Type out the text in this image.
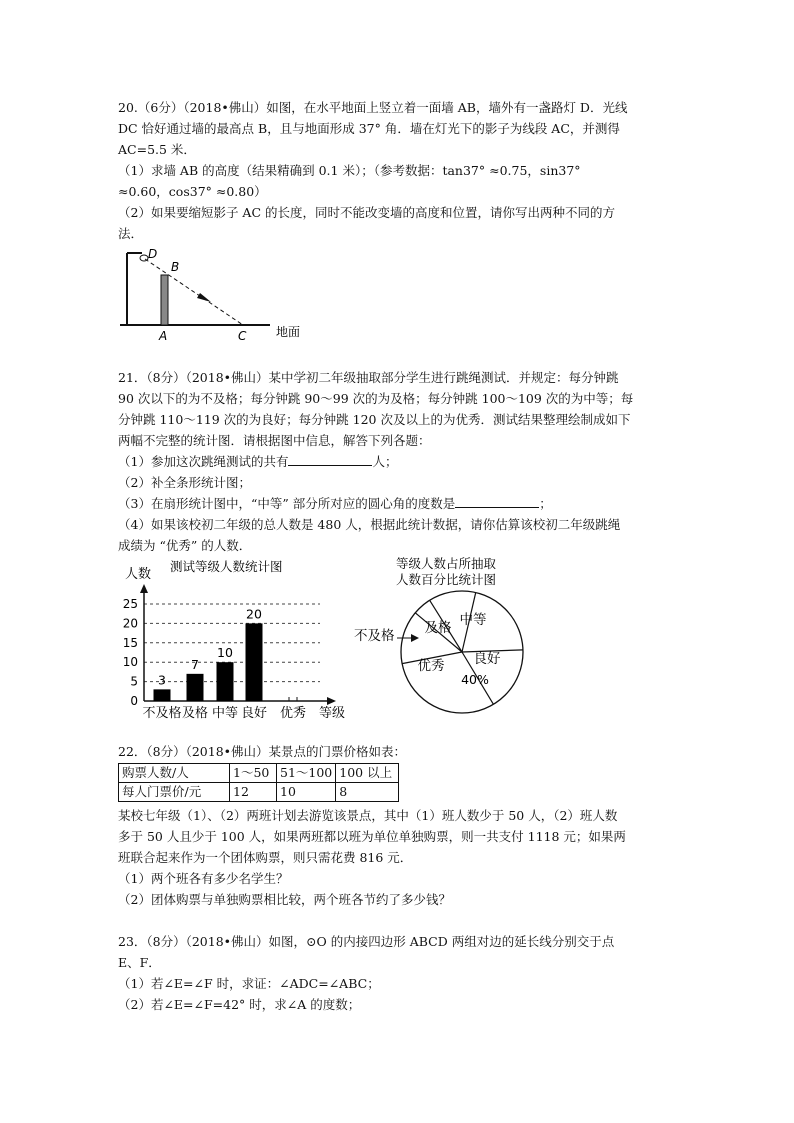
20.（6分）（2018•佛山）如图，在水平地面上竖立着一面墙 AB，墙外有一盏路灯 D．光线
DC 恰好通过墙的最高点 B，且与地面形成 37° 角．墙在灯光下的影子为线段 AC，并测得
AC=5.5 米．
（1）求墙 AB 的高度（结果精确到 0.1 米）；（参考数据：tan37° ≈0.75，sin37°
≈0.60，cos37° ≈0.80）
（2）如果要缩短影子 AC 的长度，同时不能改变墙的高度和位置，请你写出两种不同的方
法．
D
B
A	C 地面
21．（8分）（2018•佛山）某中学初二年级抽取部分学生进行跳绳测试．并规定：每分钟跳
90 次以下的为不及格；每分钟跳 90～99 次的为及格；每分钟跳 100～109 次的为中等；每
分钟跳 110～119 次的为良好；每分钟跳 120 次及以上的为优秀．测试结果整理绘制成如下
两幅不完整的统计图．请根据图中信息，解答下列各题：
（1）参加这次跳绳测试的共有	人；
（2）补全条形统计图；
（3）在扇形统计图中，“中等” 部分所对应的圆心角的度数是	；
（4）如果该校初二年级的总人数是 480 人，根据此统计数据，请你估算该校初二年级跳绳
成绩为 “优秀” 的人数．
人数
测试等级人数统计图
0
5
10
15
20
25
3
不及格
7
及格
10
中等
20
良好 优秀 等级
等级人数占所抽取
人数百分比统计图
及格 中等
良好
优秀
40%
不及格
22．（8分）（2018•佛山）某景点的门票价格如表：
购票人数/人	1～50	51～100	100 以上
每人门票价/元	12	10	8
某校七年级（1）、（2）两班计划去游览该景点，其中（1）班人数少于 50 人，（2）班人数
多于 50 人且少于 100 人，如果两班都以班为单位单独购票，则一共支付 1118 元；如果两
班联合起来作为一个团体购票，则只需花费 816 元．
（1）两个班各有多少名学生？
（2）团体购票与单独购票相比较，两个班各节约了多少钱？
23．（8分）（2018•佛山）如图，⊙O 的内接四边形 ABCD 两组对边的延长线分别交于点
E、F．
（1）若∠E=∠F 时，求证：∠ADC=∠ABC；
（2）若∠E=∠F=42° 时，求∠A 的度数；
